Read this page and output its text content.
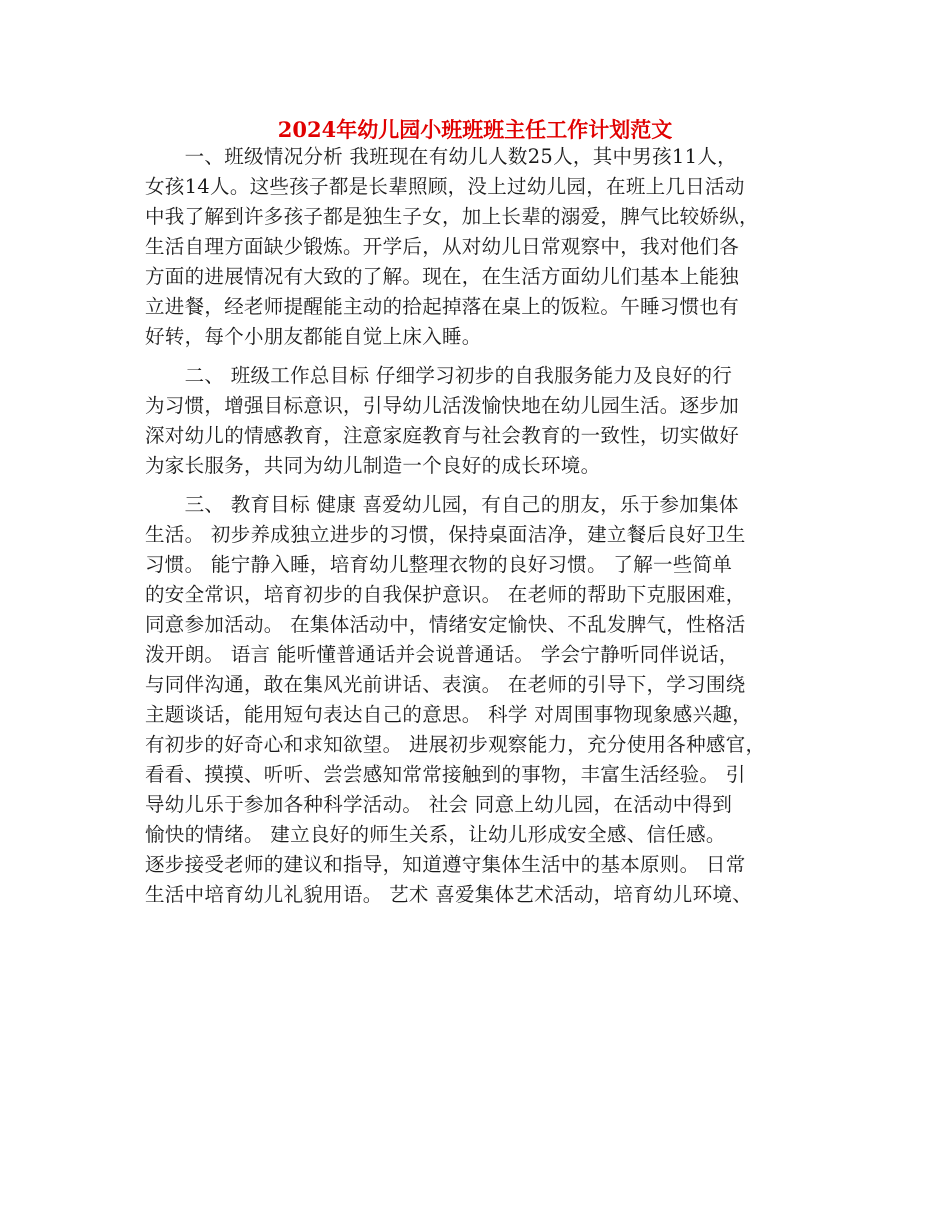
2024年幼儿园小班班班主任工作计划范文
　　一、班级情况分析 我班现在有幼儿人数25人，其中男孩11人，
女孩14人。这些孩子都是长辈照顾，没上过幼儿园，在班上几日活动
中我了解到许多孩子都是独生子女，加上长辈的溺爱，脾气比较娇纵，
生活自理方面缺少锻炼。开学后，从对幼儿日常观察中，我对他们各
方面的进展情况有大致的了解。现在，在生活方面幼儿们基本上能独
立进餐，经老师提醒能主动的拾起掉落在桌上的饭粒。午睡习惯也有
好转，每个小朋友都能自觉上床入睡。
　　二、 班级工作总目标 仔细学习初步的自我服务能力及良好的行
为习惯，增强目标意识，引导幼儿活泼愉快地在幼儿园生活。逐步加
深对幼儿的情感教育，注意家庭教育与社会教育的一致性，切实做好
为家长服务，共同为幼儿制造一个良好的成长环境。
　　三、 教育目标 健康 喜爱幼儿园，有自己的朋友，乐于参加集体
生活。 初步养成独立进步的习惯，保持桌面洁净，建立餐后良好卫生
习惯。 能宁静入睡，培育幼儿整理衣物的良好习惯。 了解一些简单
的安全常识，培育初步的自我保护意识。 在老师的帮助下克服困难，
同意参加活动。 在集体活动中，情绪安定愉快、不乱发脾气，性格活
泼开朗。 语言 能听懂普通话并会说普通话。 学会宁静听同伴说话，
与同伴沟通，敢在集风光前讲话、表演。 在老师的引导下，学习围绕
主题谈话，能用短句表达自己的意思。 科学 对周围事物现象感兴趣，
有初步的好奇心和求知欲望。 进展初步观察能力，充分使用各种感官，
看看、摸摸、听听、尝尝感知常常接触到的事物，丰富生活经验。 引
导幼儿乐于参加各种科学活动。 社会 同意上幼儿园，在活动中得到
愉快的情绪。 建立良好的师生关系，让幼儿形成安全感、信任感。
逐步接受老师的建议和指导，知道遵守集体生活中的基本原则。 日常
生活中培育幼儿礼貌用语。 艺术 喜爱集体艺术活动，培育幼儿环境、
